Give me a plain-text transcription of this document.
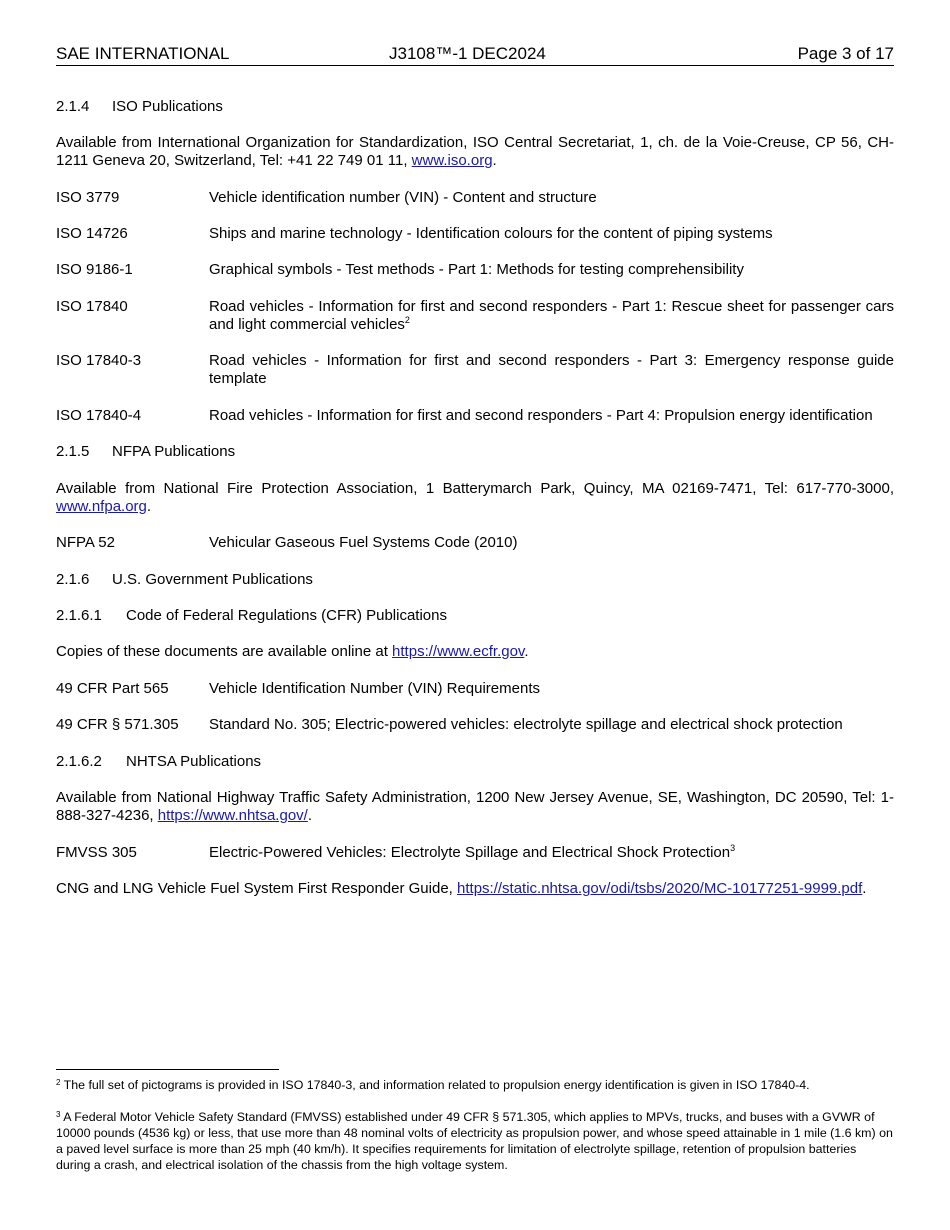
SAE INTERNATIONAL	J3108™-1 DEC2024	Page 3 of 17
2.1.4 ISO Publications
Available from International Organization for Standardization, ISO Central Secretariat, 1, ch. de la Voie-Creuse, CP 56, CH-1211 Geneva 20, Switzerland, Tel: +41 22 749 01 11, www.iso.org.
ISO 3779	Vehicle identification number (VIN) - Content and structure
ISO 14726	Ships and marine technology - Identification colours for the content of piping systems
ISO 9186-1	Graphical symbols - Test methods - Part 1: Methods for testing comprehensibility
ISO 17840	Road vehicles - Information for first and second responders - Part 1: Rescue sheet for passenger cars and light commercial vehicles$^2$
ISO 17840-3	Road vehicles - Information for first and second responders - Part 3: Emergency response guide template
ISO 17840-4	Road vehicles - Information for first and second responders - Part 4: Propulsion energy identification
2.1.5 NFPA Publications
Available from National Fire Protection Association, 1 Batterymarch Park, Quincy, MA 02169-7471, Tel: 617-770-3000, www.nfpa.org.
NFPA 52	Vehicular Gaseous Fuel Systems Code (2010)
2.1.6 U.S. Government Publications
2.1.6.1 Code of Federal Regulations (CFR) Publications
Copies of these documents are available online at https://www.ecfr.gov.
49 CFR Part 565	Vehicle Identification Number (VIN) Requirements
49 CFR § 571.305	Standard No. 305; Electric-powered vehicles: electrolyte spillage and electrical shock protection
2.1.6.2 NHTSA Publications
Available from National Highway Traffic Safety Administration, 1200 New Jersey Avenue, SE, Washington, DC 20590, Tel: 1-888-327-4236, https://www.nhtsa.gov/.
FMVSS 305	Electric-Powered Vehicles: Electrolyte Spillage and Electrical Shock Protection$^3$
CNG and LNG Vehicle Fuel System First Responder Guide, https://static.nhtsa.gov/odi/tsbs/2020/MC-10177251-9999.pdf.
$^2$ The full set of pictograms is provided in ISO 17840-3, and information related to propulsion energy identification is given in ISO 17840-4.
$^3$ A Federal Motor Vehicle Safety Standard (FMVSS) established under 49 CFR § 571.305, which applies to MPVs, trucks, and buses with a GVWR of 10000 pounds (4536 kg) or less, that use more than 48 nominal volts of electricity as propulsion power, and whose speed attainable in 1 mile (1.6 km) on a paved level surface is more than 25 mph (40 km/h). It specifies requirements for limitation of electrolyte spillage, retention of propulsion batteries during a crash, and electrical isolation of the chassis from the high voltage system.
